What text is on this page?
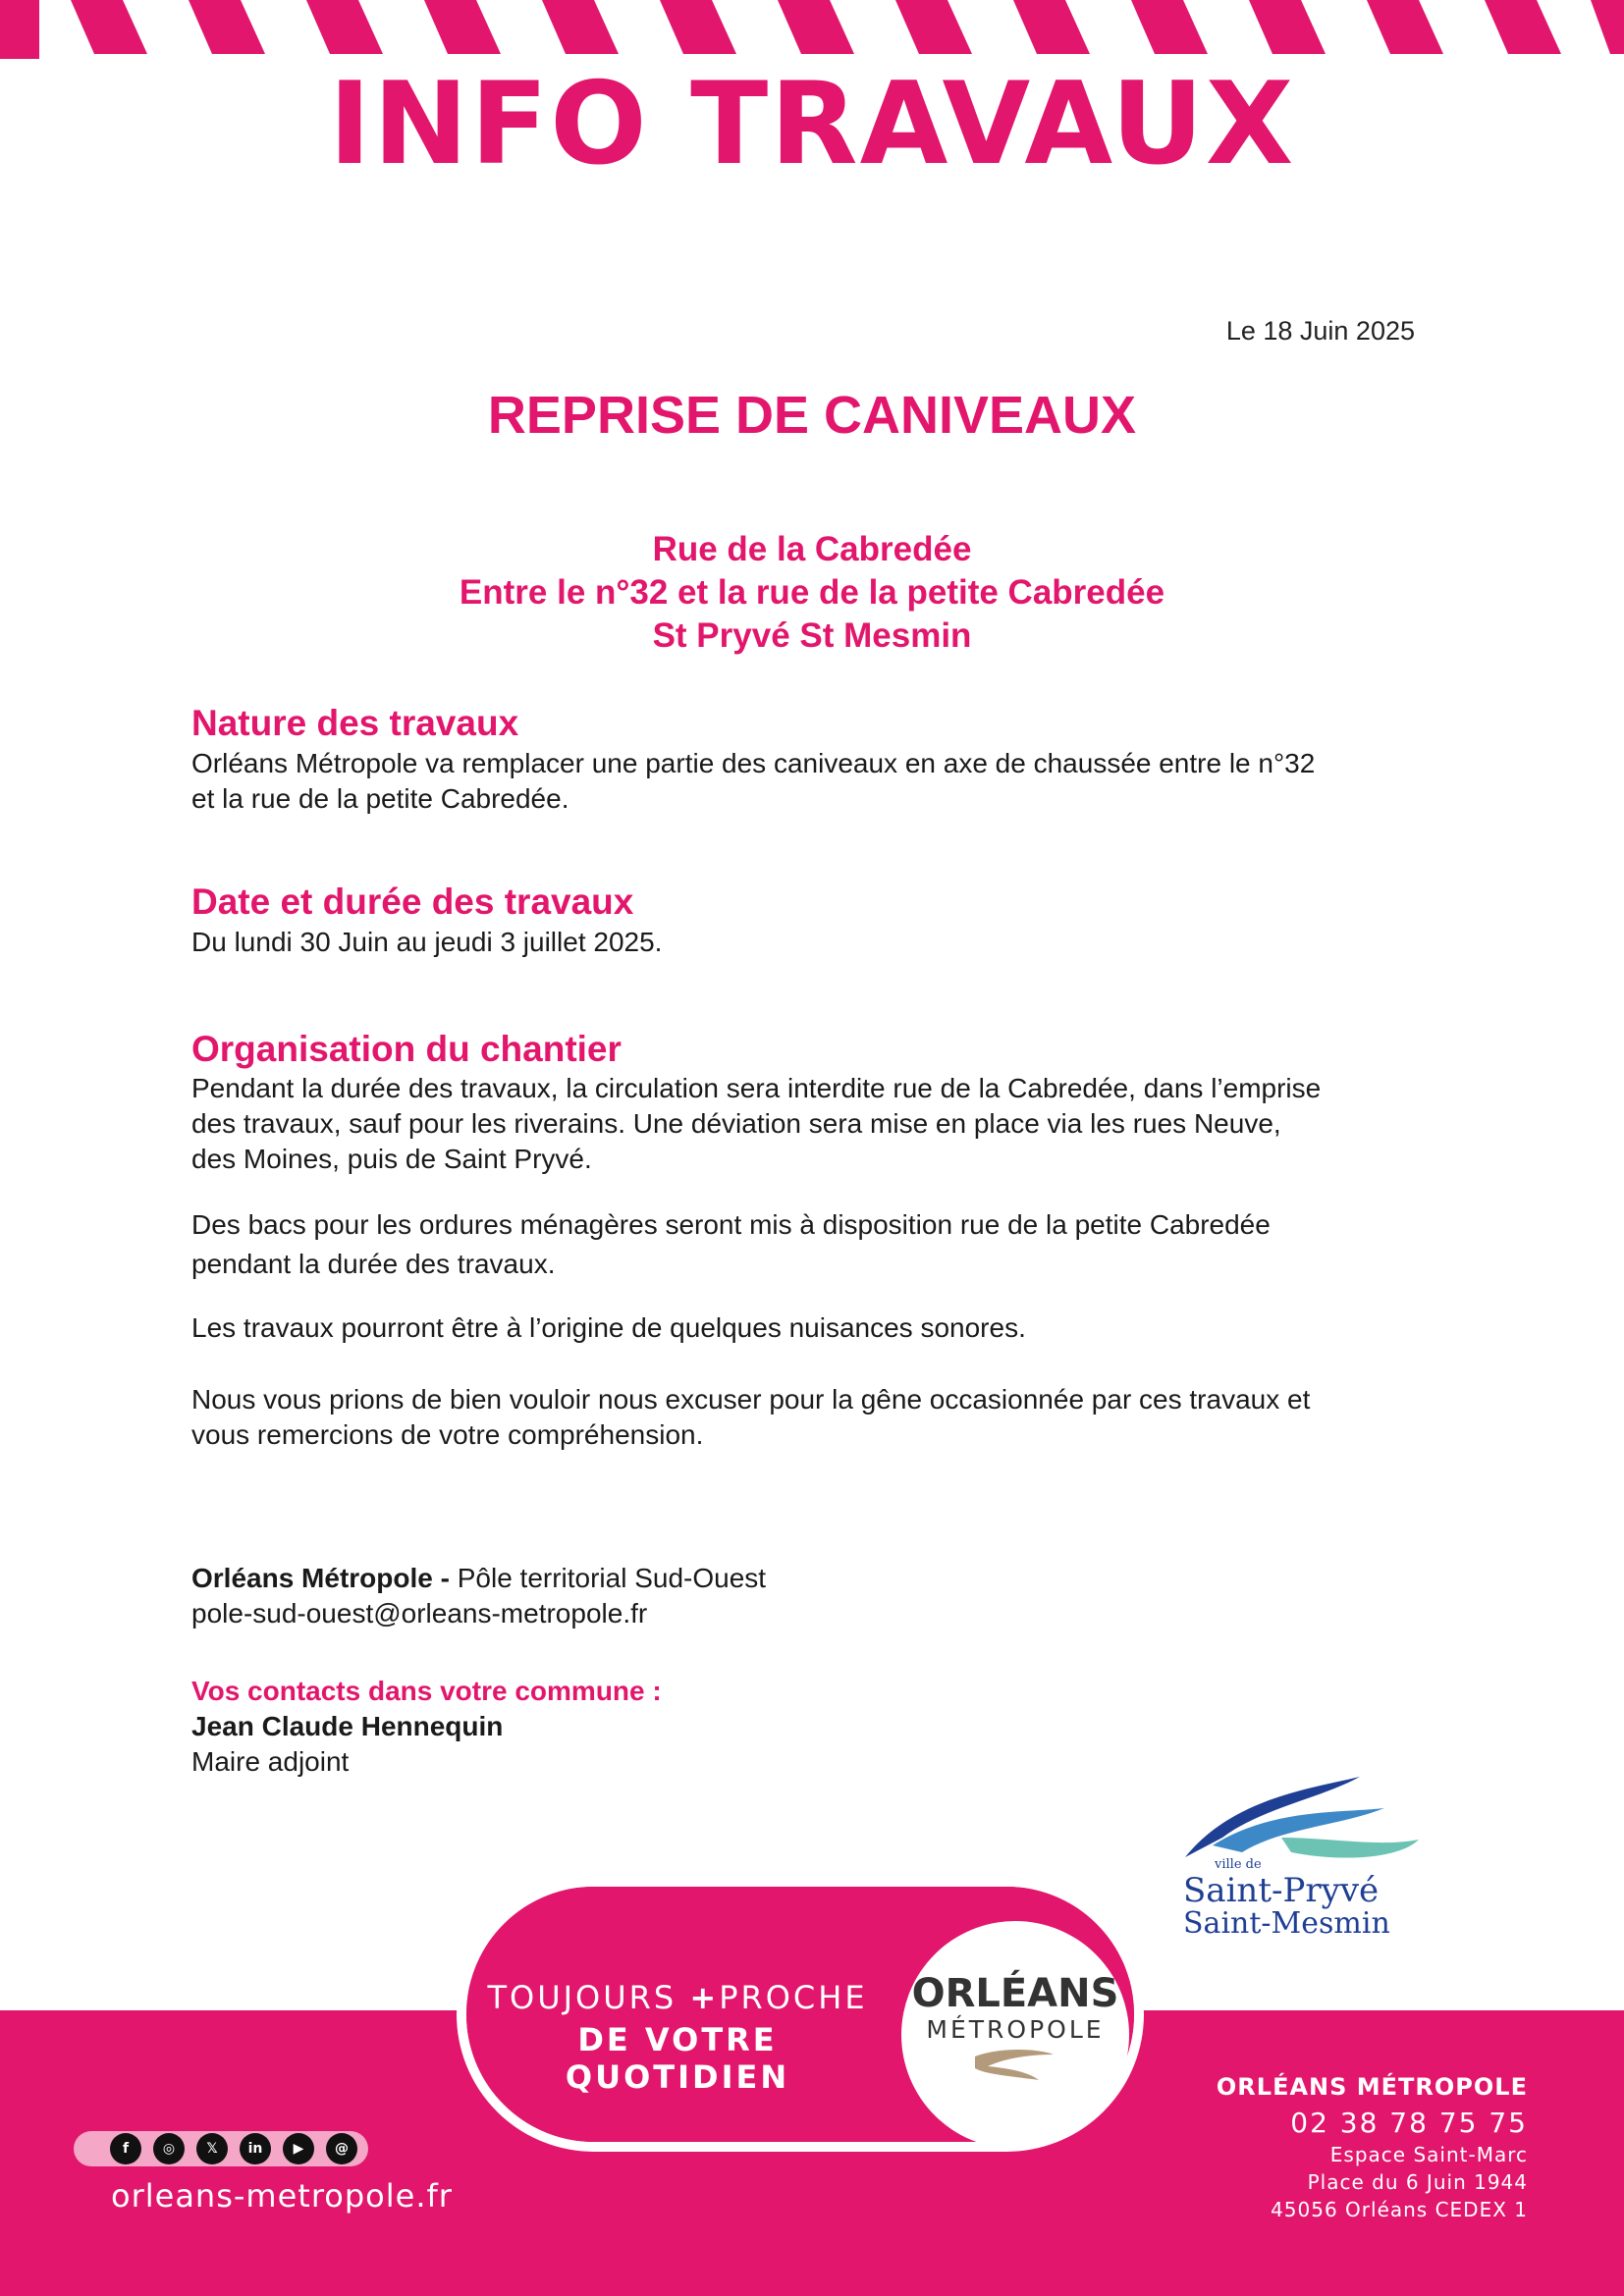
INFO TRAVAUX
Le 18 Juin 2025
REPRISE DE CANIVEAUX
Rue de la Cabredée
Entre le n°32 et la rue de la petite Cabredée
St Pryvé St Mesmin
Nature des travaux
Orléans Métropole va remplacer une partie des caniveaux en axe de chaussée entre le n°32
et la rue de la petite Cabredée.
Date et durée des travaux
Du lundi 30 Juin au jeudi 3 juillet 2025.
Organisation du chantier
Pendant la durée des travaux, la circulation sera interdite rue de la Cabredée, dans l’emprise
des travaux, sauf pour les riverains. Une déviation sera mise en place via les rues Neuve,
des Moines, puis de Saint Pryvé.
Des bacs pour les ordures ménagères seront mis à disposition rue de la petite Cabredée
pendant la durée des travaux.
Les travaux pourront être à l’origine de quelques nuisances sonores.
Nous vous prions de bien vouloir nous excuser pour la gêne occasionnée par ces travaux et
vous remercions de votre compréhension.
Orléans Métropole - Pôle territorial Sud-Ouest
pole-sud-ouest@orleans-metropole.fr
Vos contacts dans votre commune :
Jean Claude Hennequin
Maire adjoint
ville de
Saint-Pryvé
Saint-Mesmin
TOUJOURS +PROCHE
DE VOTRE QUOTIDIEN
ORLÉANS
MÉTROPOLE
f	◎	𝕏	in	▶	@
orleans-metropole.fr
ORLÉANS MÉTROPOLE
02 38 78 75 75
Espace Saint-Marc
Place du 6 Juin 1944
45056 Orléans CEDEX 1
